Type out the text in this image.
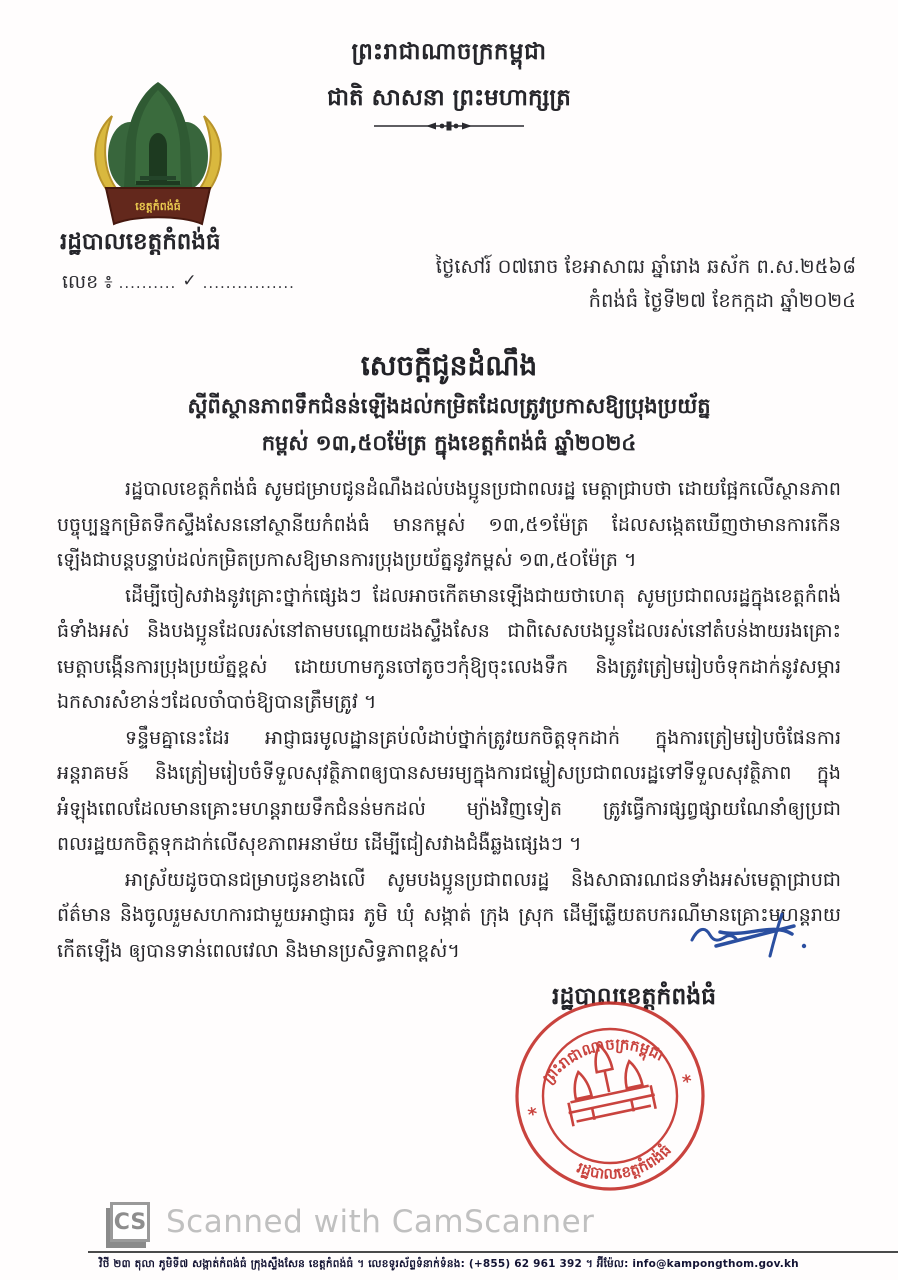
ព្រះរាជាណាចក្រកម្ពុជា
ជាតិ សាសនា ព្រះមហាក្សត្រ
ខេត្តកំពង់ធំ
រដ្ឋបាលខេត្តកំពង់ធំ
លេខ ៖ .......... ✓ ................
ថ្ងៃសៅរ៍ ០៧រោច ខែអាសាឍ ឆ្នាំរោង ឆស័ក ព.ស.២៥៦៨
កំពង់ធំ ថ្ងៃទី២៧ ខែកក្កដា ឆ្នាំ២០២៤
សេចក្តីជូនដំណឹង
ស្តីពីស្ថានភាពទឹកជំនន់ឡើងដល់កម្រិតដែលត្រូវប្រកាសឱ្យប្រុងប្រយ័ត្ន
កម្ពស់ ១៣,៥០ម៉ែត្រ ក្នុងខេត្តកំពង់ធំ ឆ្នាំ២០២៤

រដ្ឋបាលខេត្តកំពង់ធំ សូមជម្រាបជូនដំណឹងដល់បងប្អូនប្រជាពលរដ្ឋ មេត្តាជ្រាបថា ដោយផ្អែកលើស្ថានភាពបច្ចុប្បន្នកម្រិតទឹកស្ទឹងសែននៅស្ថានីយកំពង់ធំ មានកម្ពស់ ១៣,៥១ម៉ែត្រ ដែលសង្កេតឃើញថាមានការកើនឡើងជាបន្តបន្ទាប់ដល់កម្រិតប្រកាសឱ្យមានការប្រុងប្រយ័ត្ននូវកម្ពស់ ១៣,៥០ម៉ែត្រ ។

ដើម្បីចៀសវាងនូវគ្រោះថ្នាក់ផ្សេងៗ ដែលអាចកើតមានឡើងជាយថាហេតុ សូមប្រជាពលរដ្ឋក្នុងខេត្តកំពង់ធំទាំងអស់ និងបងប្អូនដែលរស់នៅតាមបណ្តោយដងស្ទឹងសែន ជាពិសេសបងប្អូនដែលរស់នៅតំបន់ងាយរងគ្រោះ មេត្តាបង្កើនការប្រុងប្រយ័ត្នខ្ពស់ ដោយហាមកូនចៅតូចៗកុំឱ្យចុះលេងទឹក និងត្រូវត្រៀមរៀបចំទុកដាក់នូវសម្ភារ ឯកសារសំខាន់ៗដែលចាំបាច់ឱ្យបានត្រឹមត្រូវ ។

ទន្ទឹមគ្នានេះដែរ អាជ្ញាធរមូលដ្ឋានគ្រប់លំដាប់ថ្នាក់ត្រូវយកចិត្តទុកដាក់ ក្នុងការត្រៀមរៀបចំផែនការអន្តរាគមន៍ និងត្រៀមរៀបចំទីទួលសុវត្ថិភាពឲ្យបានសមរម្យក្នុងការជម្លៀសប្រជាពលរដ្ឋទៅទីទួលសុវត្ថិភាព ក្នុងអំឡុងពេលដែលមានគ្រោះមហន្តរាយទឹកជំនន់មកដល់ ម្យ៉ាងវិញទៀត ត្រូវធ្វើការផ្សព្វផ្សាយណែនាំឲ្យប្រជាពលរដ្ឋយកចិត្តទុកដាក់លើសុខភាពអនាម័យ ដើម្បីជៀសវាងជំងឺឆ្លងផ្សេងៗ ។

អាស្រ័យដូចបានជម្រាបជូនខាងលើ សូមបងប្អូនប្រជាពលរដ្ឋ និងសាធារណជនទាំងអស់មេត្តាជ្រាបជាព័ត៌មាន និងចូលរួមសហការជាមួយអាជ្ញាធរ ភូមិ ឃុំ សង្កាត់ ក្រុង ស្រុក ដើម្បីឆ្លើយតបករណីមានគ្រោះមហន្តរាយកើតឡើង ឲ្យបានទាន់ពេលវេលា និងមានប្រសិទ្ធភាពខ្ពស់។

រដ្ឋបាលខេត្តកំពង់ធំ
ព្រះរាជាណាចក្រកម្ពុជា
រដ្ឋបាលខេត្តកំពង់ធំ
*
*
CS Scanned with CamScanner
វិថី ២៣ តុលា ភូមិទី៧ សង្កាត់កំពង់ធំ ក្រុងស្ទឹងសែន ខេត្តកំពង់ធំ ។ លេខទូរស័ព្ទទំនាក់ទំនង: (+855) 62 961 392 ។ អ៊ីម៉ែល: info@kampongthom.gov.kh
